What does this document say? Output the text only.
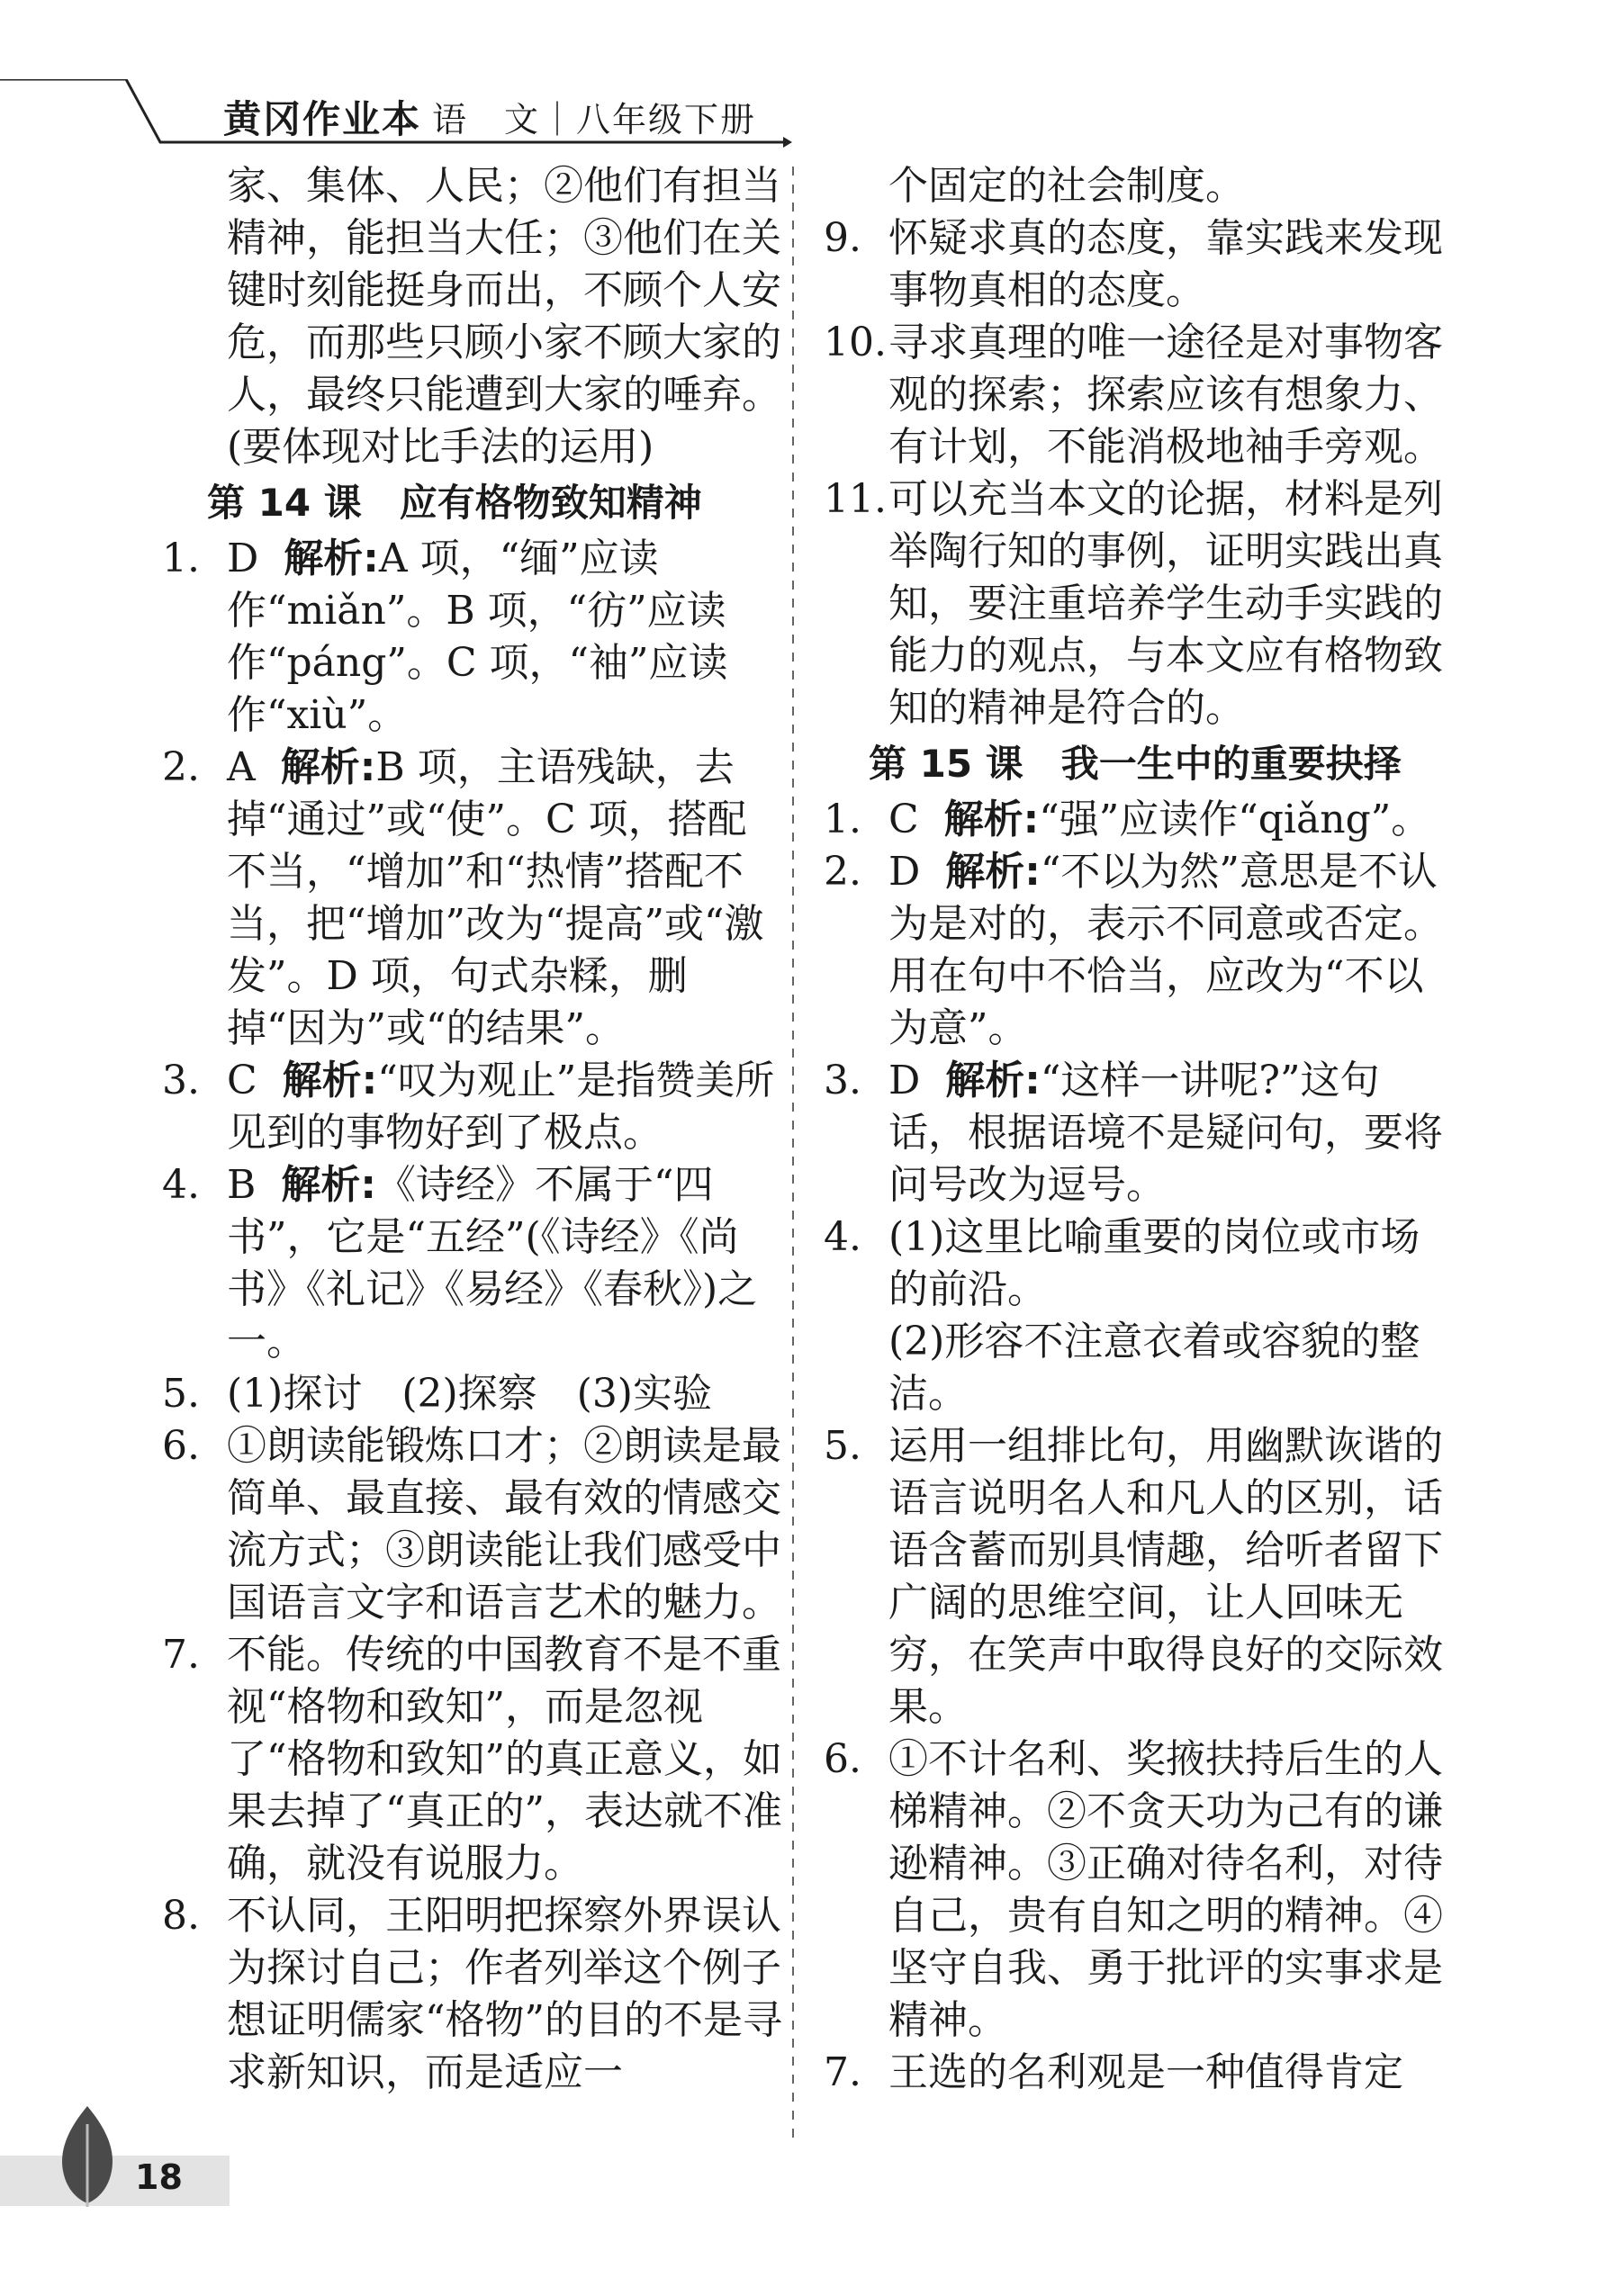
黄冈作业本 语　文｜八年级下册

家、集体、人民；②他们有担当精神，能担当大任；③他们在关键时刻能挺身而出，不顾个人安危，而那些只顾小家不顾大家的人，最终只能遭到大家的唾弃。(要体现对比手法的运用)

第 14 课　应有格物致知精神

1. D 解析:A 项，“缅”应读作“miǎn”。B 项，“彷”应读作“páng”。C 项，“袖”应读作“xiù”。

2. A 解析:B 项，主语残缺，去掉“通过”或“使”。C 项，搭配不当，“增加”和“热情”搭配不当，把“增加”改为“提高”或“激发”。D 项，句式杂糅，删掉“因为”或“的结果”。

3. C 解析:“叹为观止”是指赞美所见到的事物好到了极点。

4. B 解析:《诗经》不属于“四书”，它是“五经”(《诗经》《尚书》《礼记》《易经》《春秋》)之一。

5. (1)探讨　(2)探察　(3)实验

6. ①朗读能锻炼口才；②朗读是最简单、最直接、最有效的情感交流方式；③朗读能让我们感受中国语言文字和语言艺术的魅力。

7. 不能。传统的中国教育不是不重视“格物和致知”，而是忽视了“格物和致知”的真正意义，如果去掉了“真正的”，表达就不准确，就没有说服力。

8. 不认同，王阳明把探察外界误认为探讨自己；作者列举这个例子想证明儒家“格物”的目的不是寻求新知识，而是适应一

个固定的社会制度。

9. 怀疑求真的态度，靠实践来发现事物真相的态度。

10. 寻求真理的唯一途径是对事物客观的探索；探索应该有想象力、有计划，不能消极地袖手旁观。

11. 可以充当本文的论据，材料是列举陶行知的事例，证明实践出真知，要注重培养学生动手实践的能力的观点，与本文应有格物致知的精神是符合的。

第 15 课　我一生中的重要抉择

1. C 解析:“强”应读作“qiǎng”。

2. D 解析:“不以为然”意思是不认为是对的，表示不同意或否定。用在句中不恰当，应改为“不以为意”。

3. D 解析:“这样一讲呢?”这句话，根据语境不是疑问句，要将问号改为逗号。

4. (1)这里比喻重要的岗位或市场的前沿。

(2)形容不注意衣着或容貌的整洁。

5. 运用一组排比句，用幽默诙谐的语言说明名人和凡人的区别，话语含蓄而别具情趣，给听者留下广阔的思维空间，让人回味无穷，在笑声中取得良好的交际效果。

6. ①不计名利、奖掖扶持后生的人梯精神。②不贪天功为己有的谦逊精神。③正确对待名利，对待自己，贵有自知之明的精神。④坚守自我、勇于批评的实事求是精神。

7. 王选的名利观是一种值得肯定

18
